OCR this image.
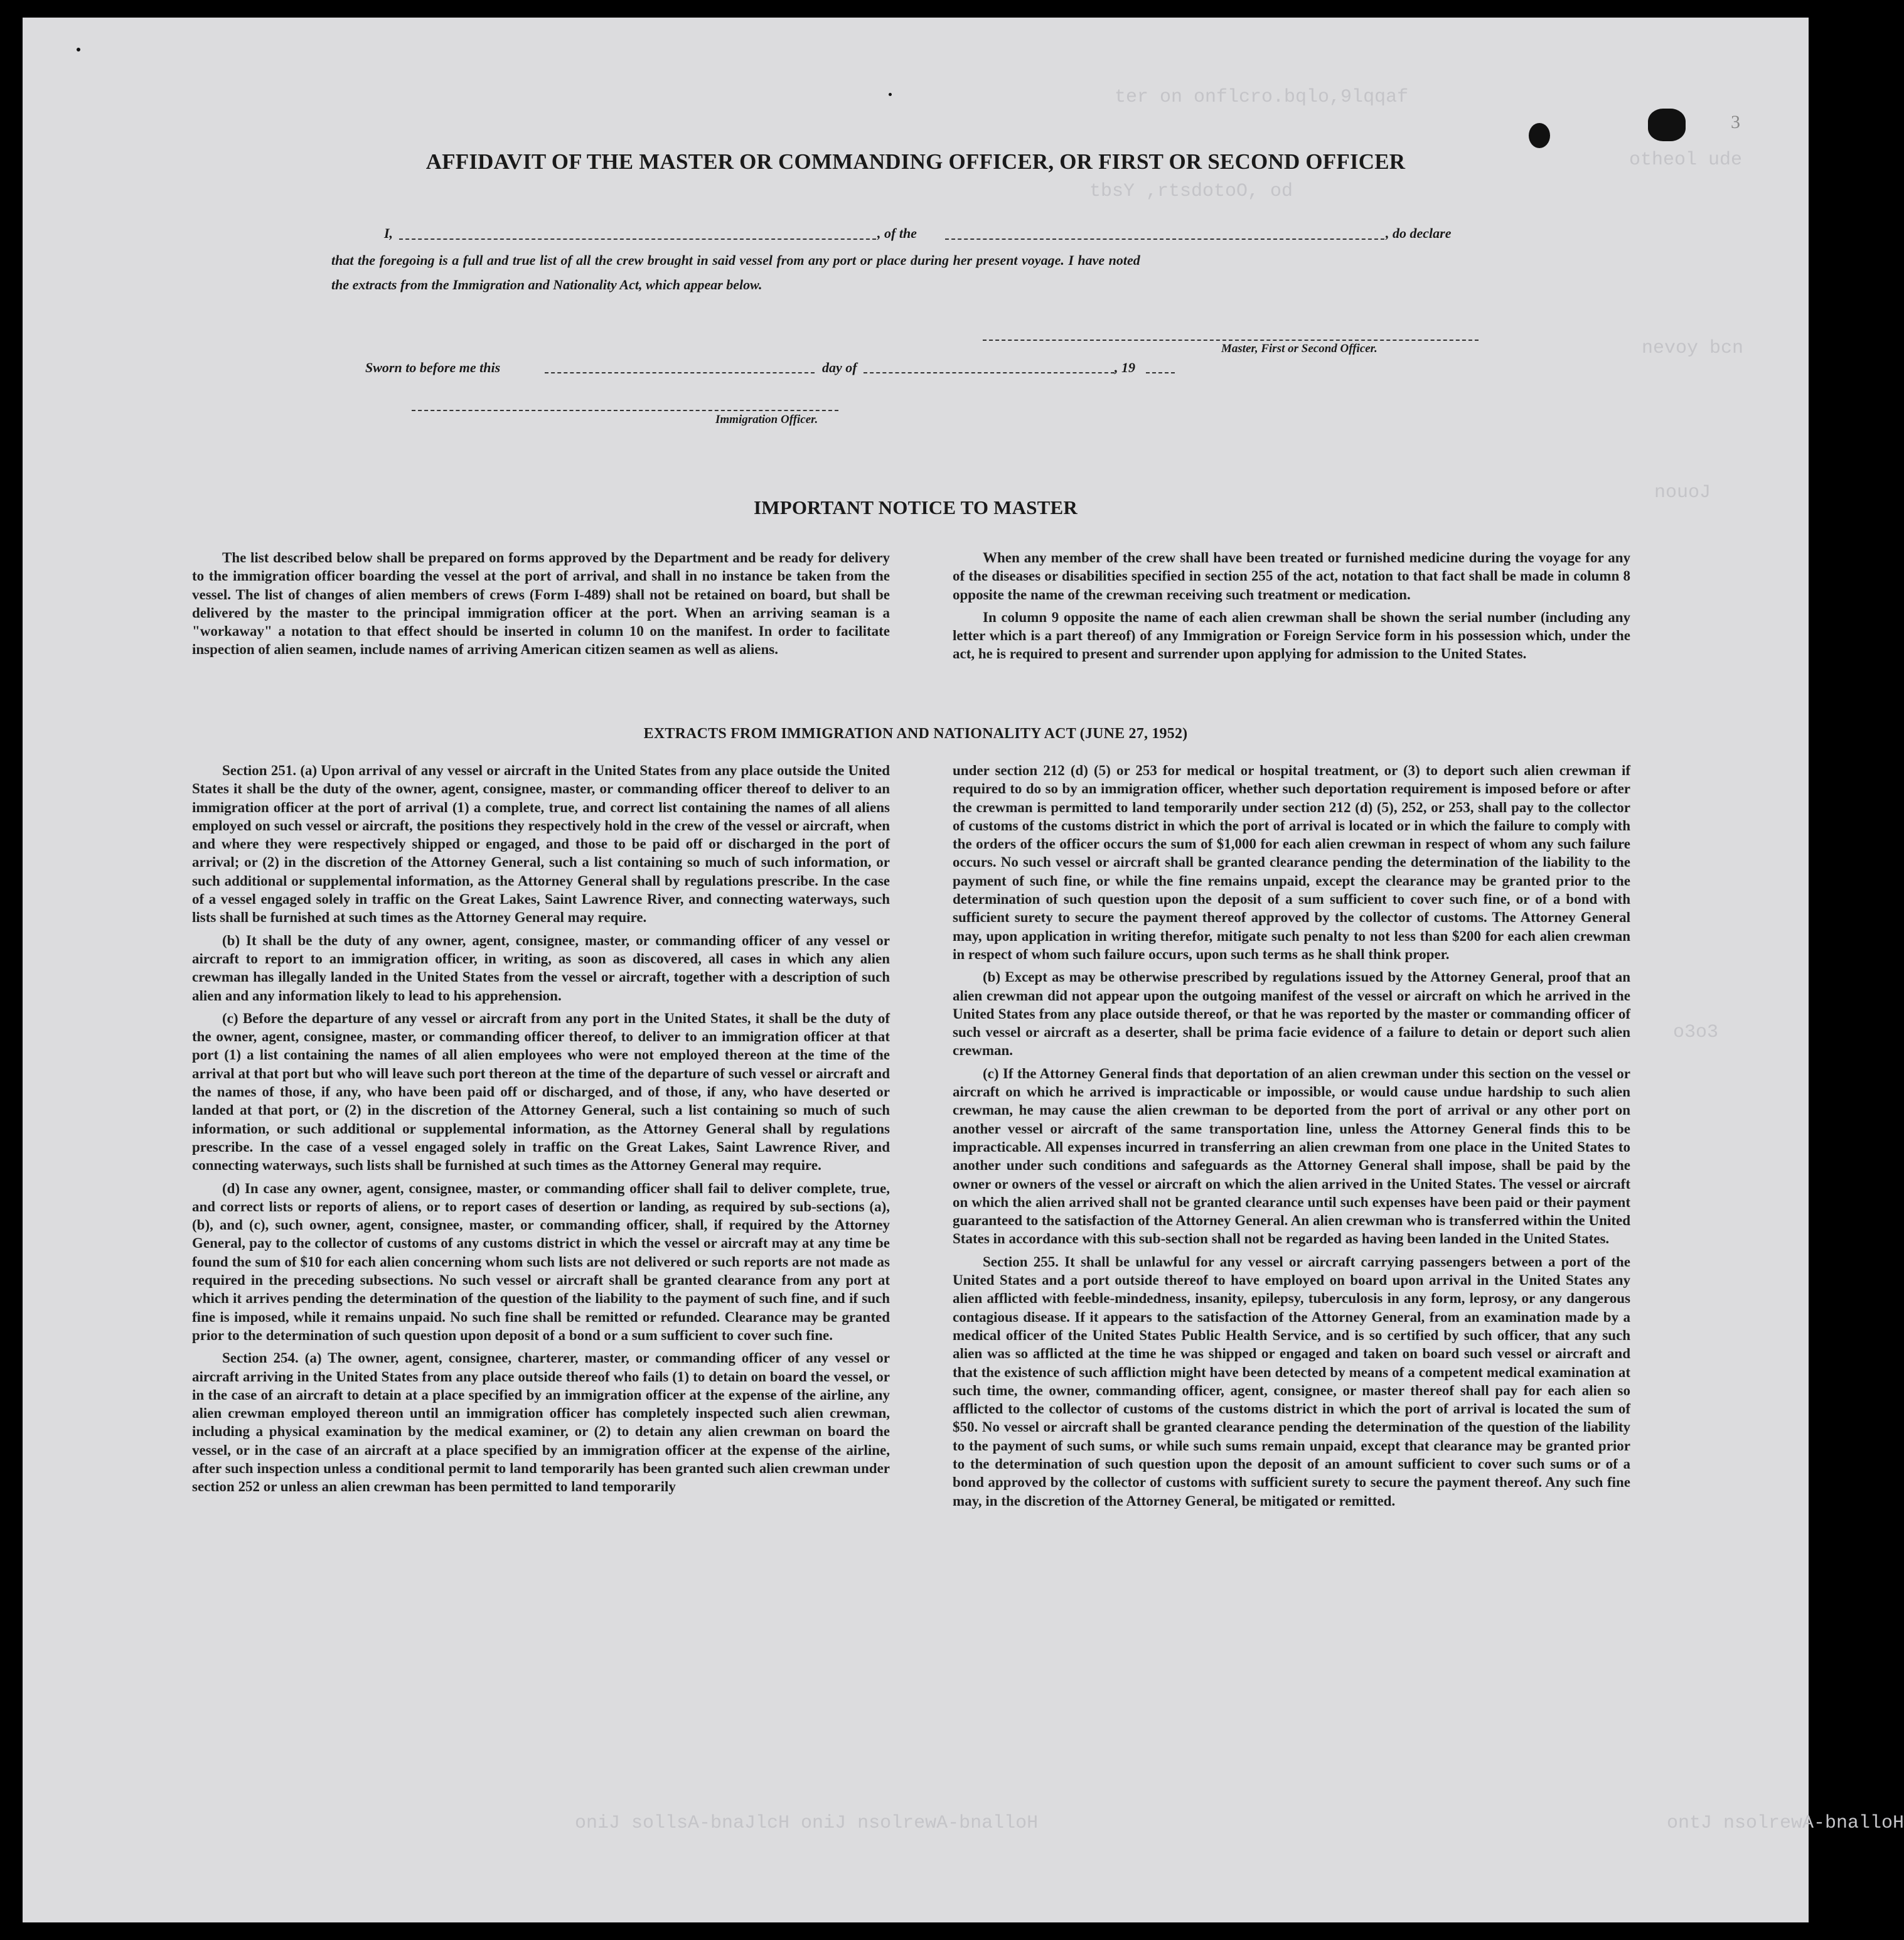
ter on onflcro.bqlo,9lqqaf
otheol ude
tbsY ,rtsdotoO, od
nevoy bcn
nouoJ
o3o3
ontJ nsolrewA-bnalloH
oniJ sollsA-bnaJlcH oniJ nsolrewA-bnalloH
3
AFFIDAVIT OF THE MASTER OR COMMANDING OFFICER, OR FIRST OR SECOND OFFICER
I,	, of the	, do declare
that the foregoing is a full and true list of all the crew brought in said vessel from any port or place during her present voyage. I have noted
the extracts from the Immigration and Nationality Act, which appear below.
Master, First or Second Officer.
Sworn to before me this	day of	, 19
Immigration Officer.
IMPORTANT NOTICE TO MASTER

The list described below shall be prepared on forms approved by the Department and be ready for delivery to the immigration officer boarding the vessel at the port of arrival, and shall in no instance be taken from the vessel. The list of changes of alien members of crews (Form I-489) shall not be retained on board, but shall be delivered by the master to the principal immigration officer at the port. When an arriving seaman is a "workaway" a notation to that effect should be inserted in column 10 on the manifest. In order to facilitate inspection of alien seamen, include names of arriving American citizen seamen as well as aliens.

When any member of the crew shall have been treated or furnished medicine during the voyage for any of the diseases or disabilities specified in section 255 of the act, notation to that fact shall be made in column 8 opposite the name of the crewman receiving such treatment or medication.

In column 9 opposite the name of each alien crewman shall be shown the serial number (including any letter which is a part thereof) of any Immigration or Foreign Service form in his possession which, under the act, he is required to present and surrender upon applying for admission to the United States.

EXTRACTS FROM IMMIGRATION AND NATIONALITY ACT (JUNE 27, 1952)

Section 251. (a) Upon arrival of any vessel or aircraft in the United States from any place outside the United States it shall be the duty of the owner, agent, consignee, master, or commanding officer thereof to deliver to an immigration officer at the port of arrival (1) a complete, true, and correct list containing the names of all aliens employed on such vessel or aircraft, the positions they respectively hold in the crew of the vessel or aircraft, when and where they were respectively shipped or engaged, and those to be paid off or discharged in the port of arrival; or (2) in the discretion of the Attorney General, such a list containing so much of such information, or such additional or supplemental information, as the Attorney General shall by regulations prescribe. In the case of a vessel engaged solely in traffic on the Great Lakes, Saint Lawrence River, and connecting waterways, such lists shall be furnished at such times as the Attorney General may require.

(b) It shall be the duty of any owner, agent, consignee, master, or commanding officer of any vessel or aircraft to report to an immigration officer, in writing, as soon as discovered, all cases in which any alien crewman has illegally landed in the United States from the vessel or aircraft, together with a description of such alien and any information likely to lead to his apprehension.

(c) Before the departure of any vessel or aircraft from any port in the United States, it shall be the duty of the owner, agent, consignee, master, or commanding officer thereof, to deliver to an immigration officer at that port (1) a list containing the names of all alien employees who were not employed thereon at the time of the arrival at that port but who will leave such port thereon at the time of the departure of such vessel or aircraft and the names of those, if any, who have been paid off or discharged, and of those, if any, who have deserted or landed at that port, or (2) in the discretion of the Attorney General, such a list containing so much of such information, or such additional or supplemental information, as the Attorney General shall by regulations prescribe. In the case of a vessel engaged solely in traffic on the Great Lakes, Saint Lawrence River, and connecting waterways, such lists shall be furnished at such times as the Attorney General may require.

(d) In case any owner, agent, consignee, master, or commanding officer shall fail to deliver complete, true, and correct lists or reports of aliens, or to report cases of desertion or landing, as required by sub-sections (a), (b), and (c), such owner, agent, consignee, master, or commanding officer, shall, if required by the Attorney General, pay to the collector of customs of any customs district in which the vessel or aircraft may at any time be found the sum of $10 for each alien concerning whom such lists are not delivered or such reports are not made as required in the preceding subsections. No such vessel or aircraft shall be granted clearance from any port at which it arrives pending the determination of the question of the liability to the payment of such fine, and if such fine is imposed, while it remains unpaid. No such fine shall be remitted or refunded. Clearance may be granted prior to the determination of such question upon deposit of a bond or a sum sufficient to cover such fine.

Section 254. (a) The owner, agent, consignee, charterer, master, or commanding officer of any vessel or aircraft arriving in the United States from any place outside thereof who fails (1) to detain on board the vessel, or in the case of an aircraft to detain at a place specified by an immigration officer at the expense of the airline, any alien crewman employed thereon until an immigration officer has completely inspected such alien crewman, including a physical examination by the medical examiner, or (2) to detain any alien crewman on board the vessel, or in the case of an aircraft at a place specified by an immigration officer at the expense of the airline, after such inspection unless a conditional permit to land temporarily has been granted such alien crewman under section 252 or unless an alien crewman has been permitted to land temporarily

under section 212 (d) (5) or 253 for medical or hospital treatment, or (3) to deport such alien crewman if required to do so by an immigration officer, whether such deportation requirement is imposed before or after the crewman is permitted to land temporarily under section 212 (d) (5), 252, or 253, shall pay to the collector of customs of the customs district in which the port of arrival is located or in which the failure to comply with the orders of the officer occurs the sum of $1,000 for each alien crewman in respect of whom any such failure occurs. No such vessel or aircraft shall be granted clearance pending the determination of the liability to the payment of such fine, or while the fine remains unpaid, except the clearance may be granted prior to the determination of such question upon the deposit of a sum sufficient to cover such fine, or of a bond with sufficient surety to secure the payment thereof approved by the collector of customs. The Attorney General may, upon application in writing therefor, mitigate such penalty to not less than $200 for each alien crewman in respect of whom such failure occurs, upon such terms as he shall think proper.

(b) Except as may be otherwise prescribed by regulations issued by the Attorney General, proof that an alien crewman did not appear upon the outgoing manifest of the vessel or aircraft on which he arrived in the United States from any place outside thereof, or that he was reported by the master or commanding officer of such vessel or aircraft as a deserter, shall be prima facie evidence of a failure to detain or deport such alien crewman.

(c) If the Attorney General finds that deportation of an alien crewman under this section on the vessel or aircraft on which he arrived is impracticable or impossible, or would cause undue hardship to such alien crewman, he may cause the alien crewman to be deported from the port of arrival or any other port on another vessel or aircraft of the same transportation line, unless the Attorney General finds this to be impracticable. All expenses incurred in transferring an alien crewman from one place in the United States to another under such conditions and safeguards as the Attorney General shall impose, shall be paid by the owner or owners of the vessel or aircraft on which the alien arrived in the United States. The vessel or aircraft on which the alien arrived shall not be granted clearance until such expenses have been paid or their payment guaranteed to the satisfaction of the Attorney General. An alien crewman who is transferred within the United States in accordance with this sub-section shall not be regarded as having been landed in the United States.

Section 255. It shall be unlawful for any vessel or aircraft carrying passengers between a port of the United States and a port outside thereof to have employed on board upon arrival in the United States any alien afflicted with feeble-mindedness, insanity, epilepsy, tuberculosis in any form, leprosy, or any dangerous contagious disease. If it appears to the satisfaction of the Attorney General, from an examination made by a medical officer of the United States Public Health Service, and is so certified by such officer, that any such alien was so afflicted at the time he was shipped or engaged and taken on board such vessel or aircraft and that the existence of such affliction might have been detected by means of a competent medical examination at such time, the owner, commanding officer, agent, consignee, or master thereof shall pay for each alien so afflicted to the collector of customs of the customs district in which the port of arrival is located the sum of $50. No vessel or aircraft shall be granted clearance pending the determination of the question of the liability to the payment of such sums, or while such sums remain unpaid, except that clearance may be granted prior to the determination of such question upon the deposit of an amount sufficient to cover such sums or of a bond approved by the collector of customs with sufficient surety to secure the payment thereof. Any such fine may, in the discretion of the Attorney General, be mitigated or remitted.
